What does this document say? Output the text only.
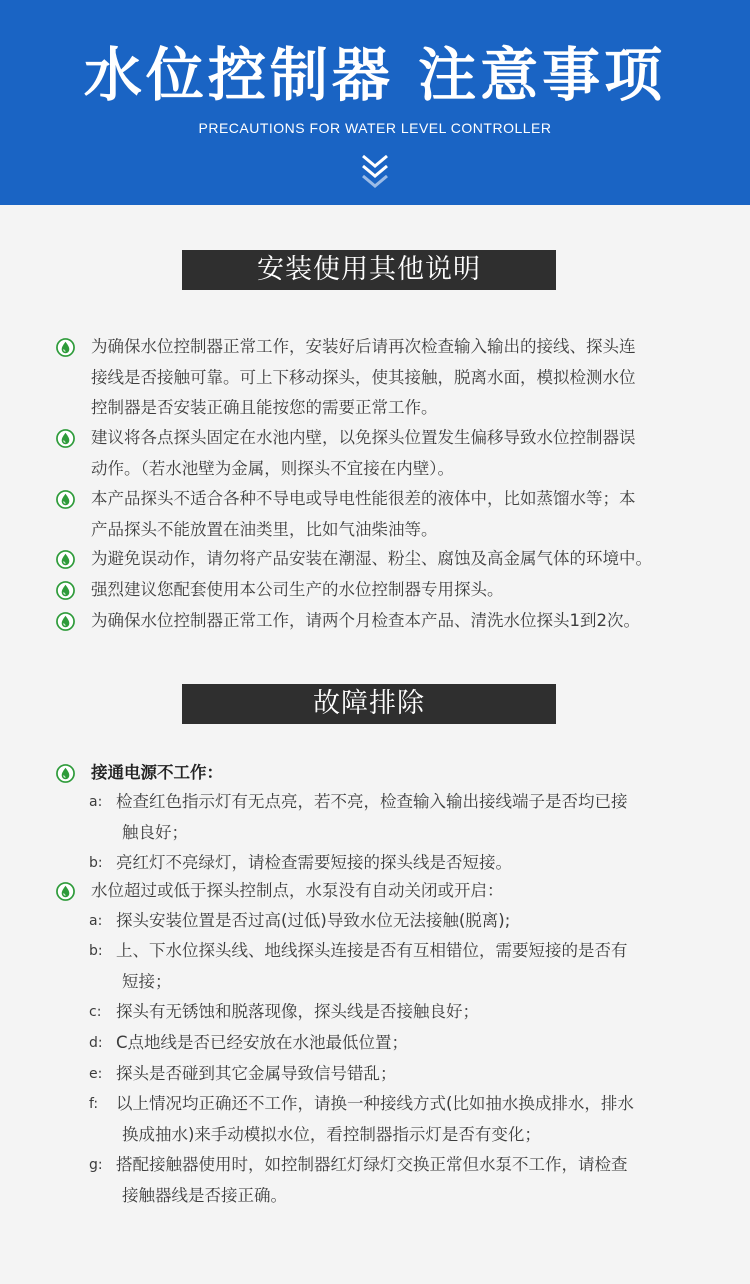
水位控制器 注意事项
PRECAUTIONS FOR WATER LEVEL CONTROLLER
安装使用其他说明
为确保水位控制器正常工作，安装好后请再次检查输入输出的接线、探头连
接线是否接触可靠。可上下移动探头，使其接触，脱离水面，模拟检测水位
控制器是否安装正确且能按您的需要正常工作。
建议将各点探头固定在水池内壁，以免探头位置发生偏移导致水位控制器误
动作。（若水池壁为金属，则探头不宜接在内壁）。
本产品探头不适合各种不导电或导电性能很差的液体中，比如蒸馏水等；本
产品探头不能放置在油类里，比如气油柴油等。
为避免误动作，请勿将产品安装在潮湿、粉尘、腐蚀及高金属气体的环境中。
强烈建议您配套使用本公司生产的水位控制器专用探头。
为确保水位控制器正常工作，请两个月检查本产品、清洗水位探头1到2次。
故障排除
接通电源不工作：
a: 检查红色指示灯有无点亮，若不亮，检查输入输出接线端子是否均已接
触良好；
b: 亮红灯不亮绿灯，请检查需要短接的探头线是否短接。
水位超过或低于探头控制点，水泵没有自动关闭或开启：
a: 探头安装位置是否过高(过低)导致水位无法接触(脱离);
b: 上、下水位探头线、地线探头连接是否有互相错位，需要短接的是否有
短接；
c: 探头有无锈蚀和脱落现像，探头线是否接触良好；
d: C点地线是否已经安放在水池最低位置；
e: 探头是否碰到其它金属导致信号错乱；
f: 以上情况均正确还不工作，请换一种接线方式(比如抽水换成排水，排水
换成抽水)来手动模拟水位，看控制器指示灯是否有变化；
g: 搭配接触器使用时，如控制器红灯绿灯交换正常但水泵不工作，请检查
接触器线是否接正确。
